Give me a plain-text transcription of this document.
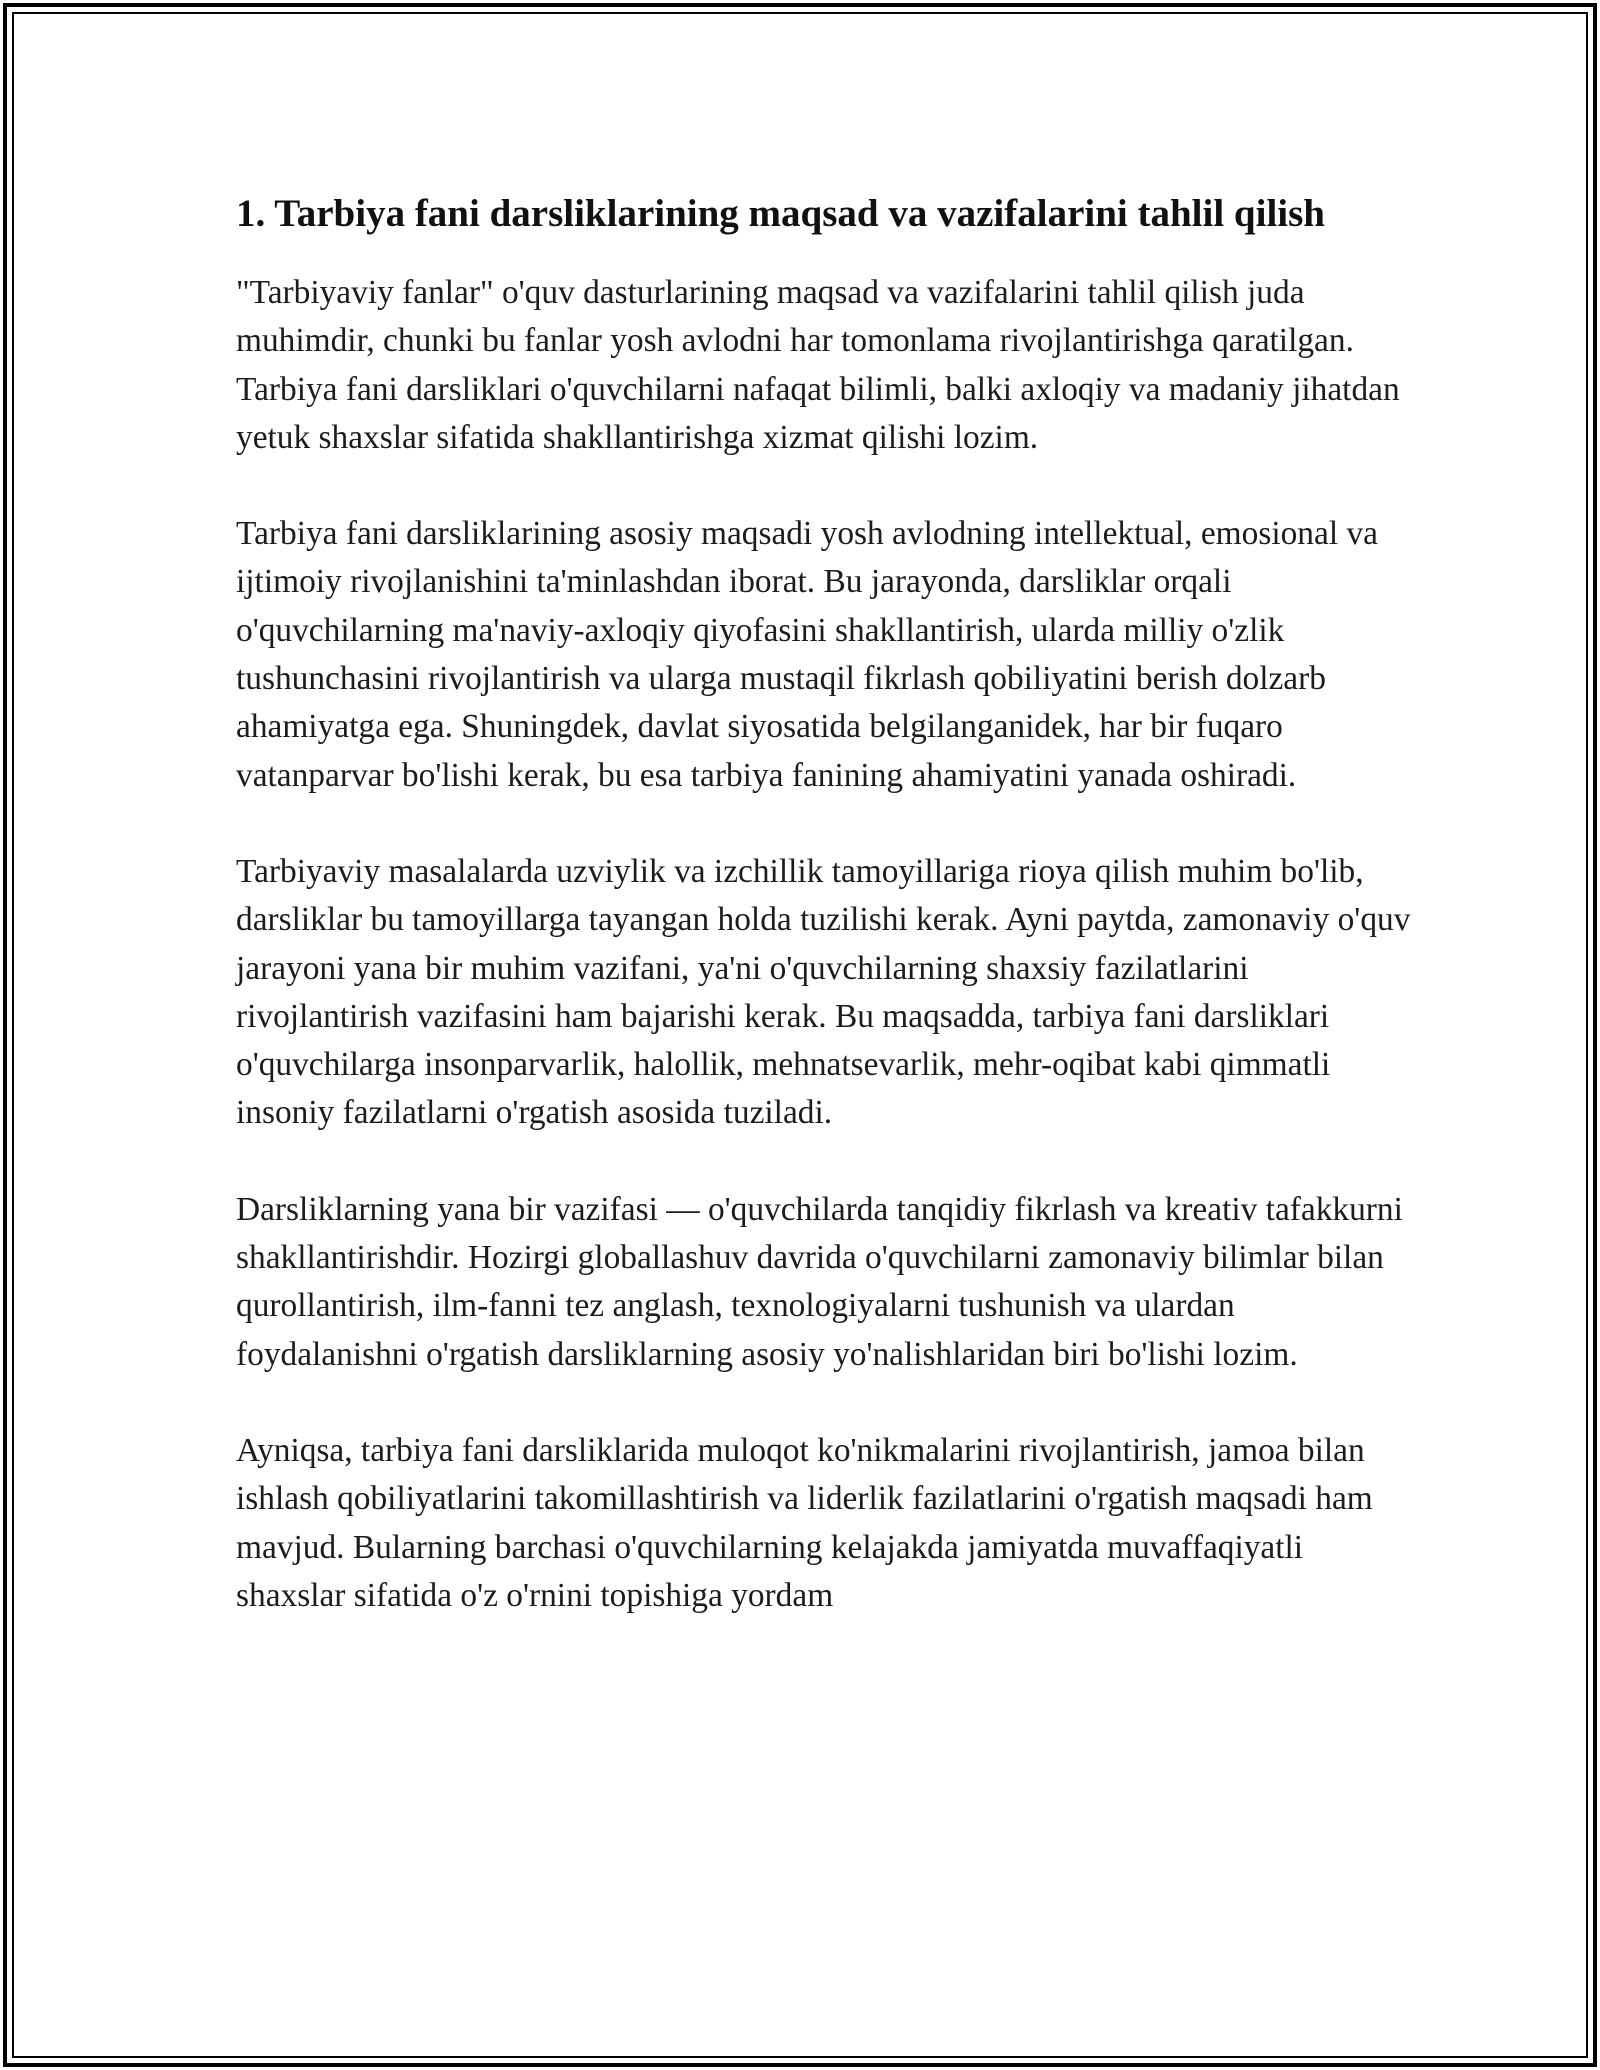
1. Tarbiya fani darsliklarining maqsad va vazifalarini tahlil qilish

"Tarbiyaviy fanlar" o'quv dasturlarining maqsad va vazifalarini tahlil qilish juda muhimdir, chunki bu fanlar yosh avlodni har tomonlama rivojlantirishga qaratilgan. Tarbiya fani darsliklari o'quvchilarni nafaqat bilimli, balki axloqiy va madaniy jihatdan yetuk shaxslar sifatida shakllantirishga xizmat qilishi lozim.

Tarbiya fani darsliklarining asosiy maqsadi yosh avlodning intellektual, emosional va ijtimoiy rivojlanishini ta'minlashdan iborat. Bu jarayonda, darsliklar orqali o'quvchilarning ma'naviy-axloqiy qiyofasini shakllantirish, ularda milliy o'zlik tushunchasini rivojlantirish va ularga mustaqil fikrlash qobiliyatini berish dolzarb ahamiyatga ega. Shuningdek, davlat siyosatida belgilanganidek, har bir fuqaro vatanparvar bo'lishi kerak, bu esa tarbiya fanining ahamiyatini yanada oshiradi.

Tarbiyaviy masalalarda uzviylik va izchillik tamoyillariga rioya qilish muhim bo'lib, darsliklar bu tamoyillarga tayangan holda tuzilishi kerak. Ayni paytda, zamonaviy o'quv jarayoni yana bir muhim vazifani, ya'ni o'quvchilarning shaxsiy fazilatlarini rivojlantirish vazifasini ham bajarishi kerak. Bu maqsadda, tarbiya fani darsliklari o'quvchilarga insonparvarlik, halollik, mehnatsevarlik, mehr-oqibat kabi qimmatli insoniy fazilatlarni o'rgatish asosida tuziladi.

Darsliklarning yana bir vazifasi — o'quvchilarda tanqidiy fikrlash va kreativ tafakkurni shakllantirishdir. Hozirgi globallashuv davrida o'quvchilarni zamonaviy bilimlar bilan qurollantirish, ilm-fanni tez anglash, texnologiyalarni tushunish va ulardan foydalanishni o'rgatish darsliklarning asosiy yo'nalishlaridan biri bo'lishi lozim.

Ayniqsa, tarbiya fani darsliklarida muloqot ko'nikmalarini rivojlantirish, jamoa bilan ishlash qobiliyatlarini takomillashtirish va liderlik fazilatlarini o'rgatish maqsadi ham mavjud. Bularning barchasi o'quvchilarning kelajakda jamiyatda muvaffaqiyatli shaxslar sifatida o'z o'rnini topishiga yordam
